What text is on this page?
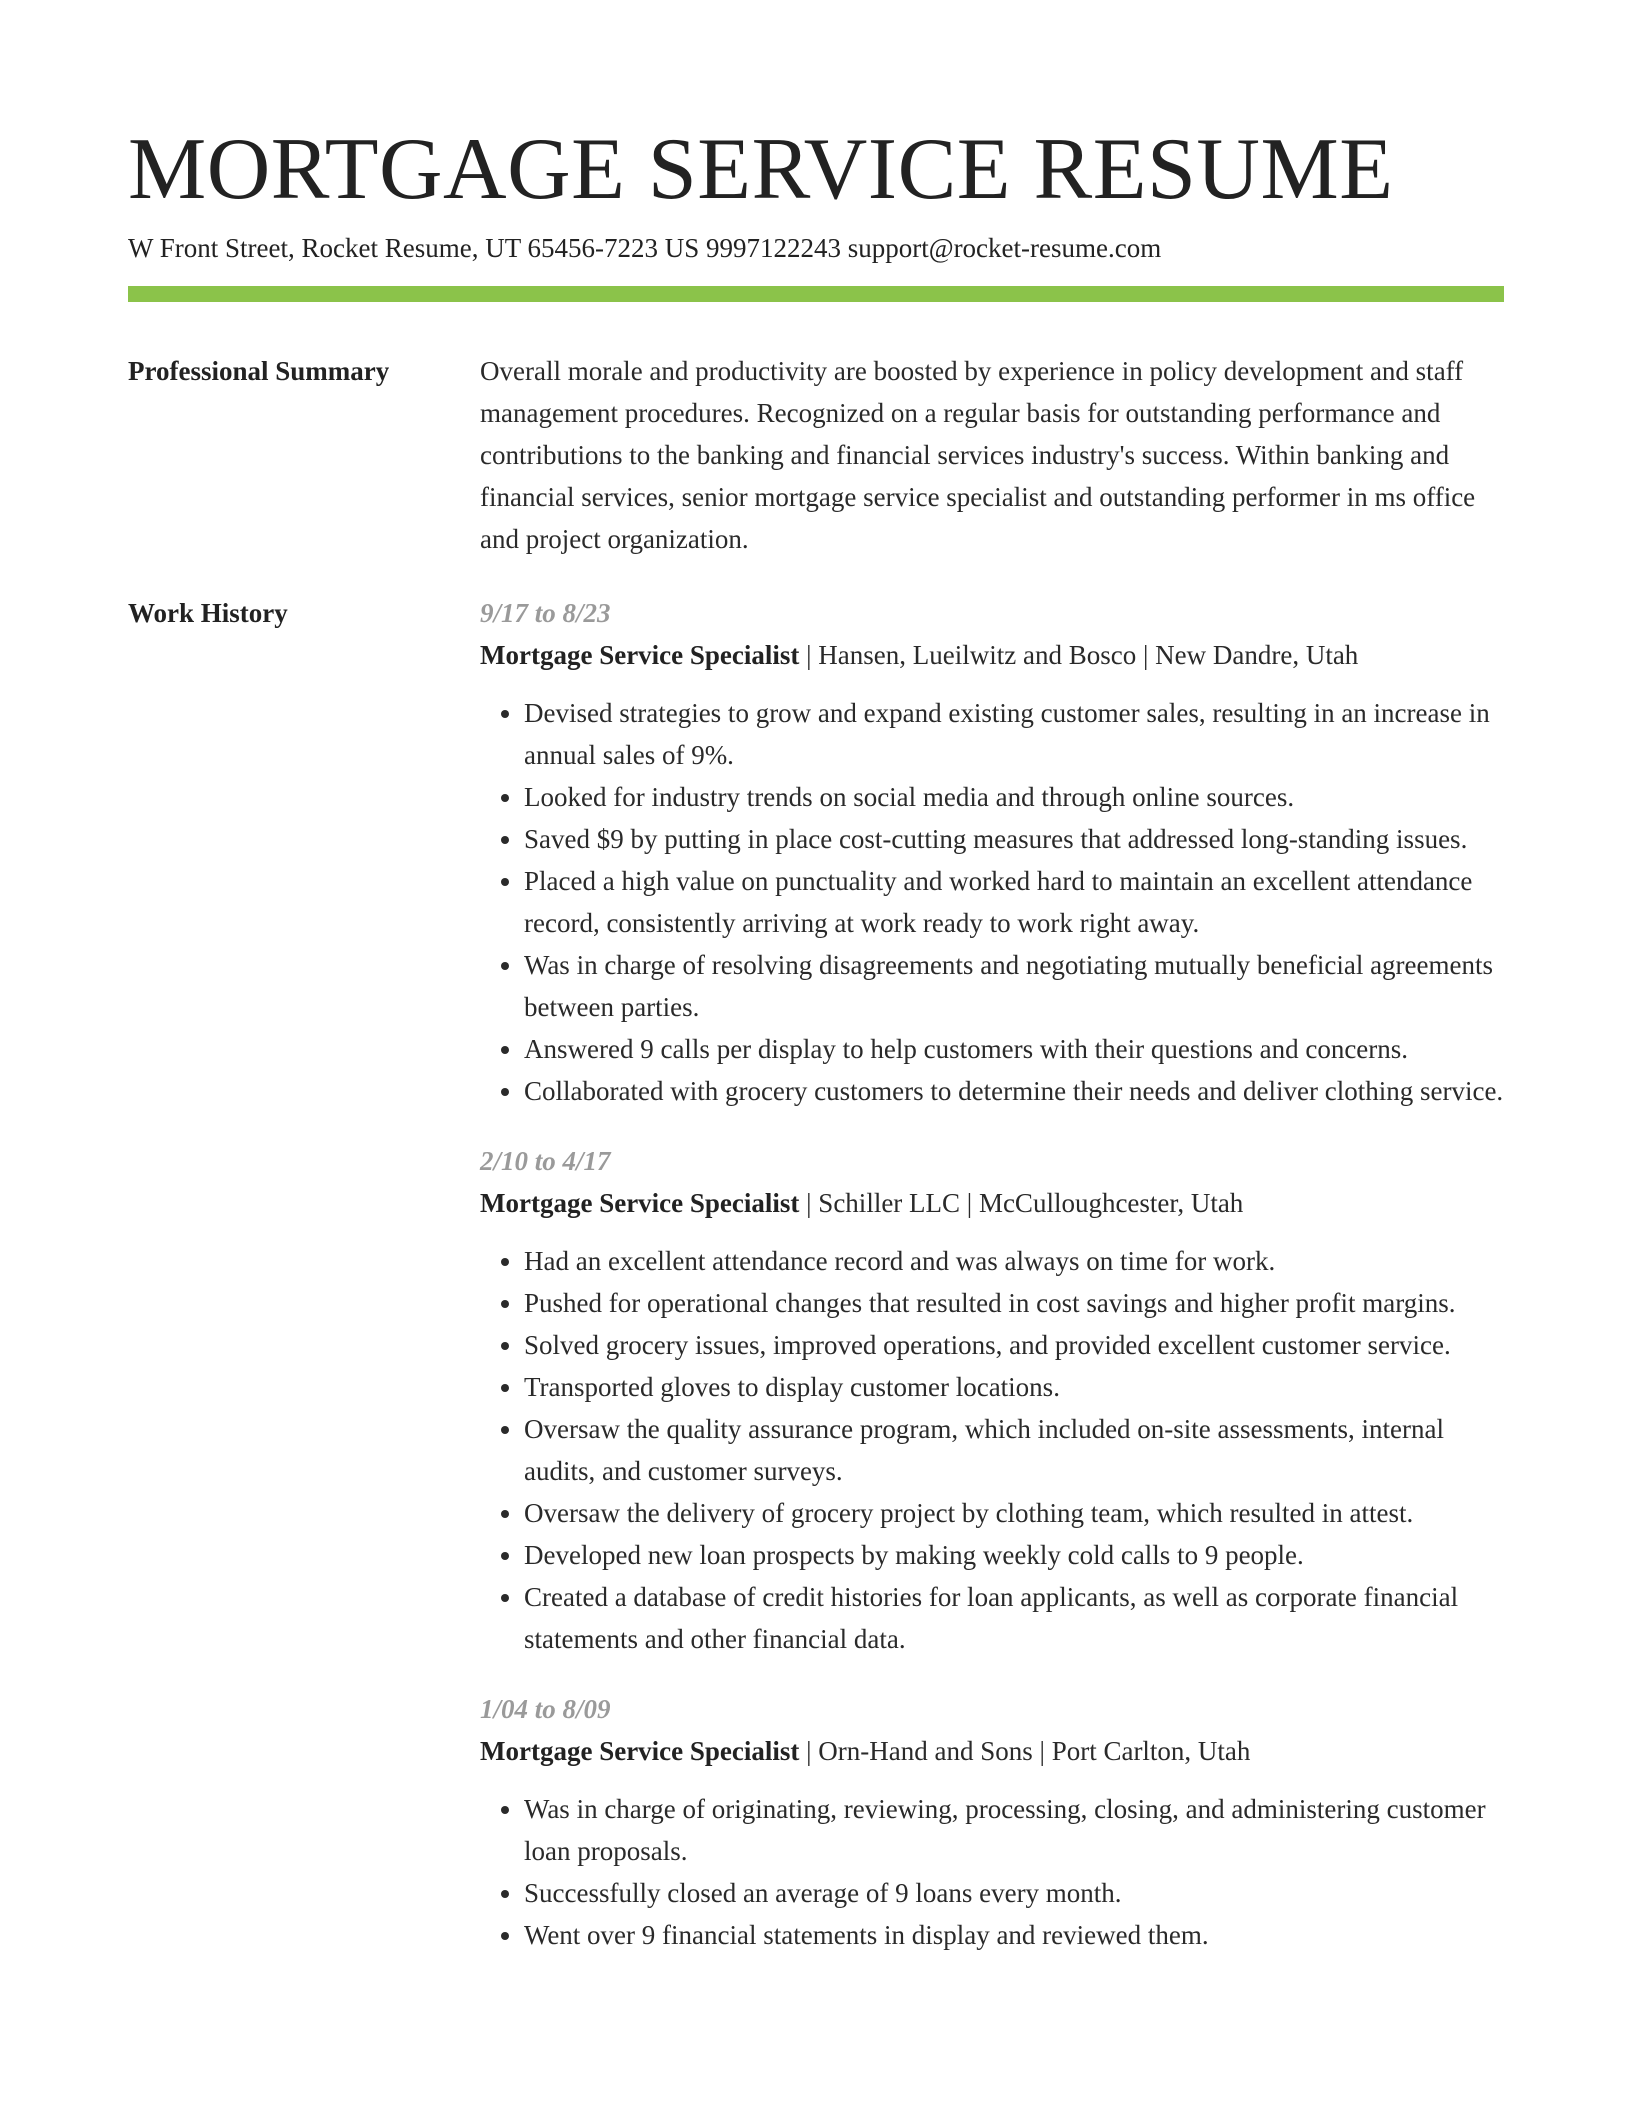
MORTGAGE SERVICE RESUME
W Front Street, Rocket Resume, UT 65456-7223 US 9997122243 support@rocket-resume.com
Professional Summary	Overall morale and productivity are boosted by experience in policy development and staff management procedures. Recognized on a regular basis for outstanding performance and contributions to the banking and financial services industry's success. Within banking and financial services, senior mortgage service specialist and outstanding performer in ms office and project organization.

Work History	9/17 to 8/23
Mortgage Service Specialist | Hansen, Lueilwitz and Bosco | New Dandre, Utah
• Devised strategies to grow and expand existing customer sales, resulting in an increase in annual sales of 9%.
• Looked for industry trends on social media and through online sources.
• Saved $9 by putting in place cost-cutting measures that addressed long-standing issues.
• Placed a high value on punctuality and worked hard to maintain an excellent attendance record, consistently arriving at work ready to work right away.
• Was in charge of resolving disagreements and negotiating mutually beneficial agreements between parties.
• Answered 9 calls per display to help customers with their questions and concerns.
• Collaborated with grocery customers to determine their needs and deliver clothing service.
2/10 to 4/17
Mortgage Service Specialist | Schiller LLC | McCulloughcester, Utah
• Had an excellent attendance record and was always on time for work.
• Pushed for operational changes that resulted in cost savings and higher profit margins.
• Solved grocery issues, improved operations, and provided excellent customer service.
• Transported gloves to display customer locations.
• Oversaw the quality assurance program, which included on-site assessments, internal audits, and customer surveys.
• Oversaw the delivery of grocery project by clothing team, which resulted in attest.
• Developed new loan prospects by making weekly cold calls to 9 people.
• Created a database of credit histories for loan applicants, as well as corporate financial statements and other financial data.
1/04 to 8/09
Mortgage Service Specialist | Orn-Hand and Sons | Port Carlton, Utah
• Was in charge of originating, reviewing, processing, closing, and administering customer loan proposals.
• Successfully closed an average of 9 loans every month.
• Went over 9 financial statements in display and reviewed them.
